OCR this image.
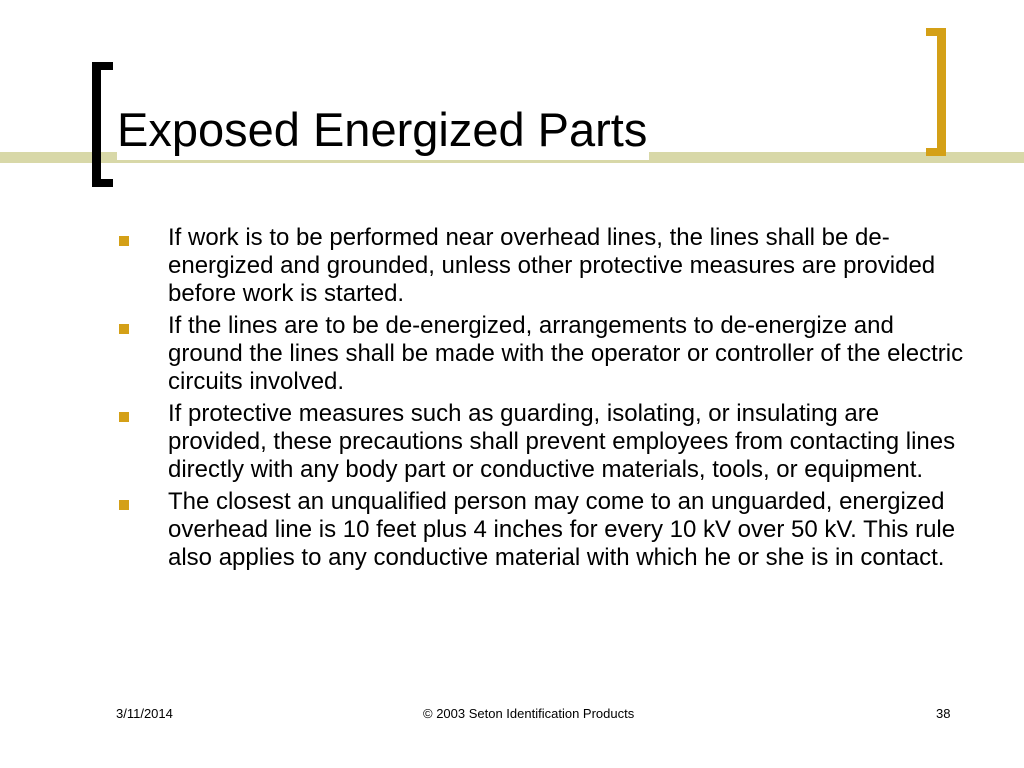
Exposed Energized Parts
If work is to be performed near overhead lines, the lines shall be de-energized and grounded, unless other protective measures are provided before work is started.
If the lines are to be de-energized, arrangements to de-energize and ground the lines shall be made with the operator or controller of the electric circuits involved.
If protective measures such as guarding, isolating, or insulating are provided, these precautions shall prevent employees from contacting lines directly with any body part or conductive materials, tools, or equipment.
The closest an unqualified person may come to an unguarded, energized overhead line is 10 feet plus 4 inches for every 10 kV over 50 kV. This rule also applies to any conductive material with which he or she is in contact.
3/11/2014	© 2003 Seton Identification Products	38
